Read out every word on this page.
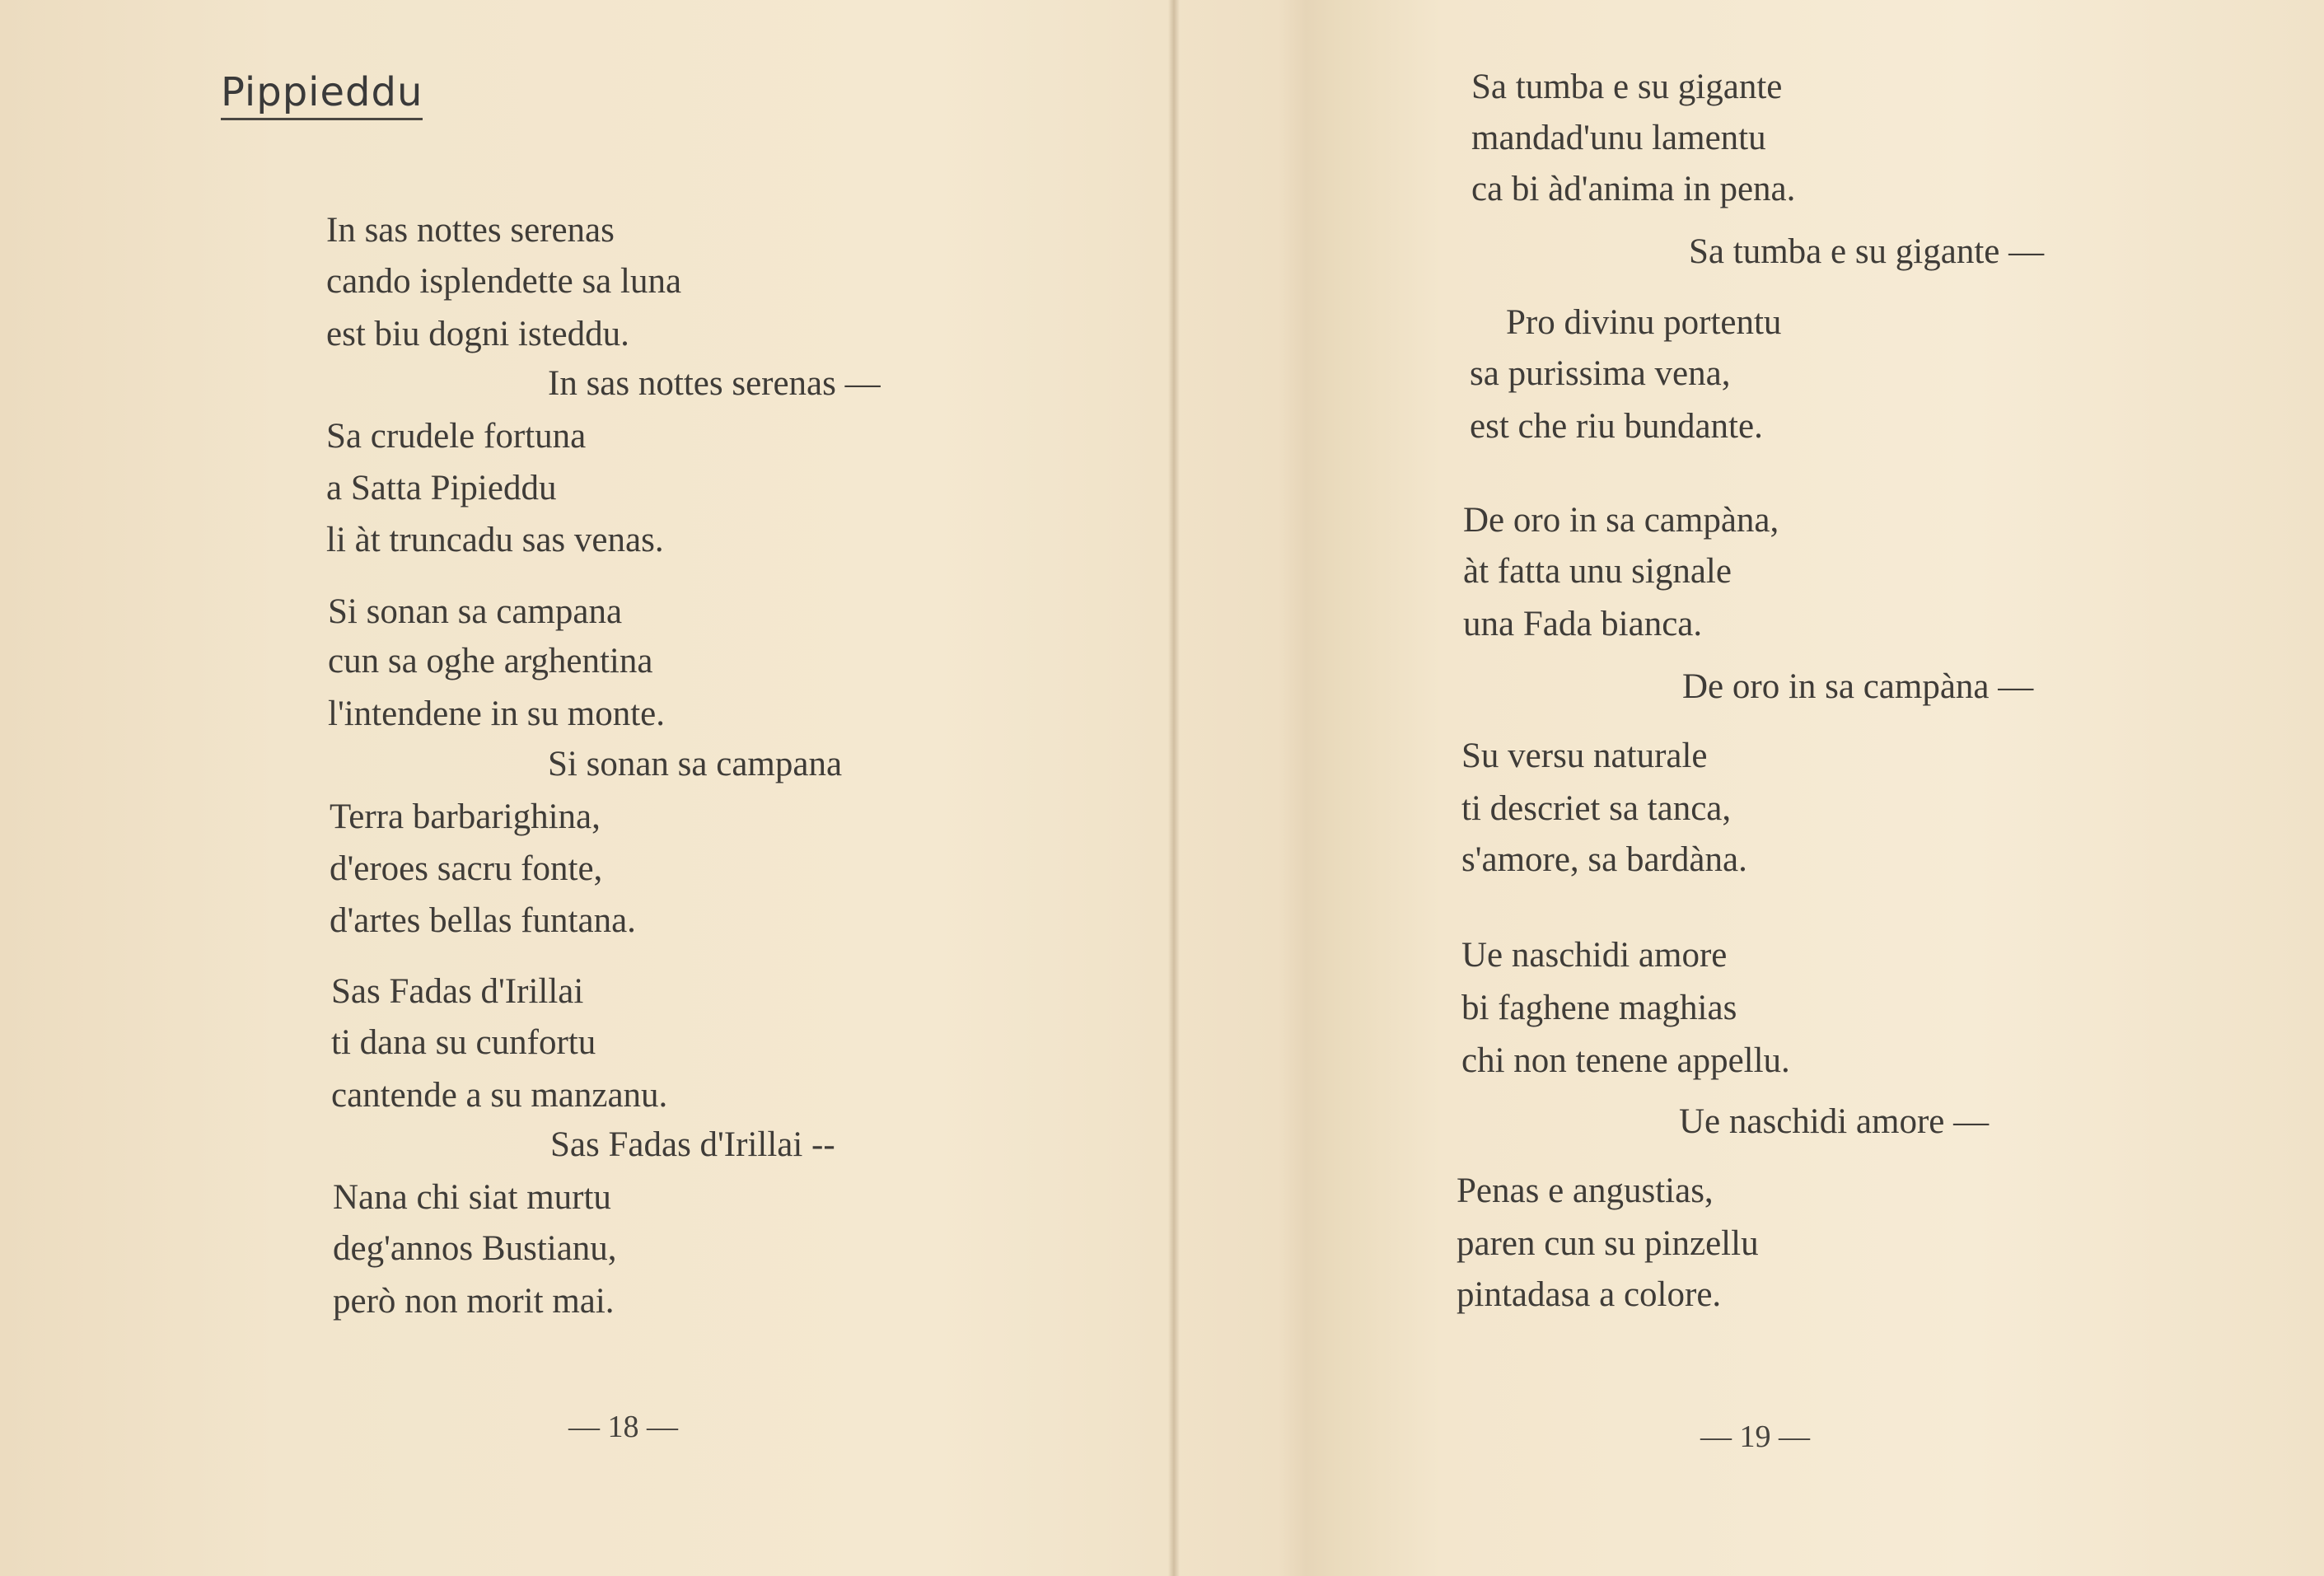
Pippieddu
In sas nottes serenas
cando isplendette sa luna
est biu dogni isteddu.
In sas nottes serenas —
Sa crudele fortuna
a Satta Pipieddu
li àt truncadu sas venas.
Si sonan sa campana
cun sa oghe arghentina
l'intendene in su monte.
Si sonan sa campana
Terra barbarighina,
d'eroes sacru fonte,
d'artes bellas funtana.
Sas Fadas d'Irillai
ti dana su cunfortu
cantende a su manzanu.
Sas Fadas d'Irillai --
Nana chi siat murtu
deg'annos Bustianu,
però non morit mai.
— 18 —
Sa tumba e su gigante
mandad'unu lamentu
ca bi àd'anima in pena.
Sa tumba e su gigante —
Pro divinu portentu
sa purissima vena,
est che riu bundante.
De oro in sa campàna,
àt fatta unu signale
una Fada bianca.
De oro in sa campàna —
Su versu naturale
ti descriet sa tanca,
s'amore, sa bardàna.
Ue naschidi amore
bi faghene maghias
chi non tenene appellu.
Ue naschidi amore —
Penas e angustias,
paren cun su pinzellu
pintadasa a colore.
— 19 —
